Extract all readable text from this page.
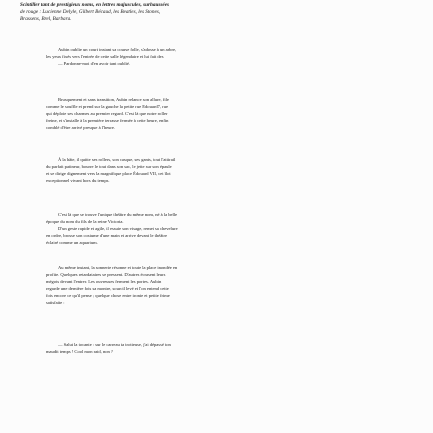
Scintiller tant de prestigieux noms, en lettres majuscules, surhaussées
de rouge : Lucienne Delyle, Gilbert Bécaud, les Beatles, les Stones,
Brassens, Brel, Barbara.
Aubin oublie un court instant sa course folle, s'adosse à un arbre,
les yeux fixés vers l'entrée de cette salle légendaire et lui fait des
— Pardonne-moi d'en avoir tant oublié.
Brusquement et sans transition, Aubin relance son allure, file
comme le souffle et prend sur la gauche la petite rue Edouard7, rue
qui déploie ses charmes au premier regard. C'est là que notre roller
freine, et s'installe à la première terrasse fermée à cette heure, enfin
comblé d'être arrivé presque à l'heure.
À la hâte, il quitte ses rollers, son casque, ses gants, tout l'attirail
du parfait patineur, bourre le tout dans son sac, le jette sur son épaule
et se dirige dignement vers la magnifique place Édouard VII, cet îlot
exceptionnel vivant hors du temps.
C'est là que se trouve l'unique théâtre du même nom, né à la belle
époque du nom du fils de la reine Victoria.
D'un geste rapide et agile, il essuie son visage, remet sa chevelure
en ordre, brosse son costume d'une main et arrive devant le théâtre
éclairé comme un aquarium.
Au même instant, la sonnerie résonne et toute la place inondée en
profite. Quelques retardataires se pressent. D'autres écrasent leurs
mégots devant l'entrer. Les ouvreuses ferment les portes. Aubin
regarde une dernière fois sa montre, sourcil levé et l'on entend cette
fois encore ce qu'il pense ; quelque chose entre ironie et petite frime
satisfaite :
— Salut la tocante : sur le carreau ta trotteuse, j'ai dépassé ton
maudit temps ! Cool mon raid, non ?
